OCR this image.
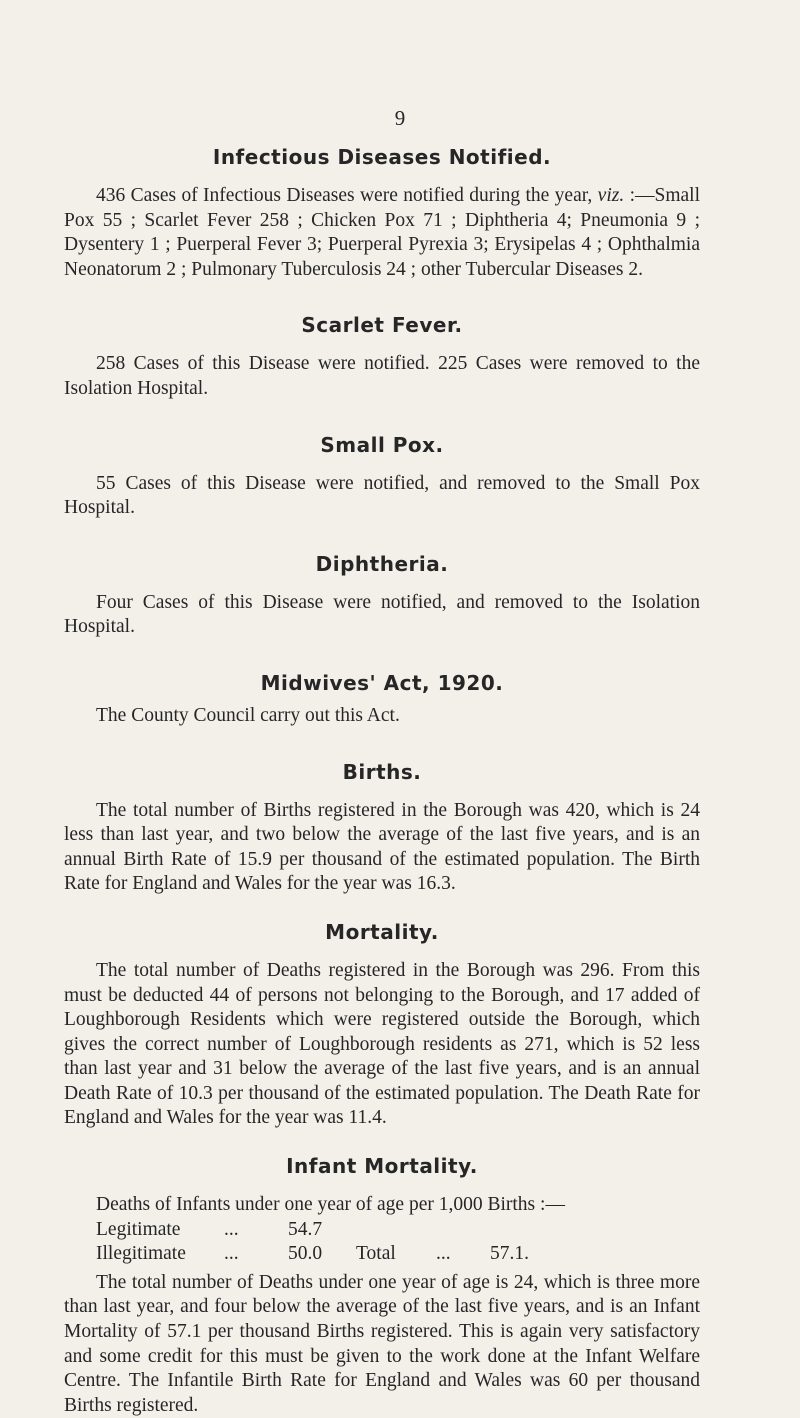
9
Infectious Diseases Notified.

436 Cases of Infectious Diseases were notified during the year, viz. :—Small Pox 55 ; Scarlet Fever 258 ; Chicken Pox 71 ; Diphtheria 4; Pneumonia 9 ; Dysentery 1 ; Puerperal Fever 3; Puerperal Pyrexia 3; Erysipelas 4 ; Ophthalmia Neonatorum 2 ; Pulmonary Tuberculosis 24 ; other Tubercular Diseases 2.

Scarlet Fever.

258 Cases of this Disease were notified. 225 Cases were removed to the Isolation Hospital.

Small Pox.

55 Cases of this Disease were notified, and removed to the Small Pox Hospital.

Diphtheria.

Four Cases of this Disease were notified, and removed to the Isolation Hospital.

Midwives' Act, 1920.

The County Council carry out this Act.

Births.

The total number of Births registered in the Borough was 420, which is 24 less than last year, and two below the average of the last five years, and is an annual Birth Rate of 15.9 per thousand of the estimated population. The Birth Rate for England and Wales for the year was 16.3.

Mortality.

The total number of Deaths registered in the Borough was 296. From this must be deducted 44 of persons not belonging to the Borough, and 17 added of Loughborough Residents which were registered outside the Borough, which gives the correct number of Loughborough residents as 271, which is 52 less than last year and 31 below the average of the last five years, and is an annual Death Rate of 10.3 per thousand of the estimated population. The Death Rate for England and Wales for the year was 11.4.

Infant Mortality.

Deaths of Infants under one year of age per 1,000 Births :—

Legitimate ...	54.7
Illegitimate ...	50.0 Total ... 57.1.

The total number of Deaths under one year of age is 24, which is three more than last year, and four below the average of the last five years, and is an Infant Mortality of 57.1 per thousand Births registered. This is again very satisfactory and some credit for this must be given to the work done at the Infant Welfare Centre. The Infantile Birth Rate for England and Wales was 60 per thousand Births registered.
